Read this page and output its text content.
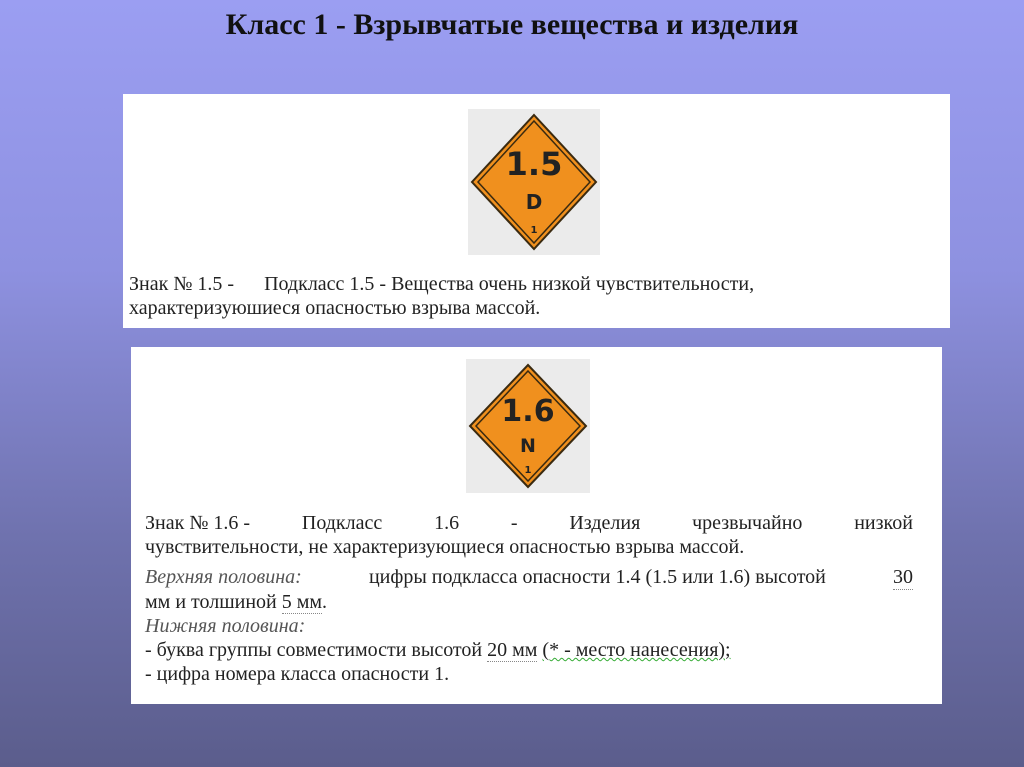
Класс 1 - Взрывчатые вещества и изделия
1.5
D
1
Знак № 1.5 - Подкласс 1.5 - Вещества очень низкой чувствительности,
характеризуюшиеся опасностью взрыва массой.
1.6
N
1
Знак № 1.6 -	Подкласс	1.6	-	Изделия	чрезвычайно	низкой
чувствительности, не характеризующиеся опасностью взрыва массой.
Верхняя половина:	цифры подкласса опасности 1.4 (1.5 или 1.6) высотой	30
мм и толшиной 5 мм.
Нижняя половина:
- буква группы совместимости высотой 20 мм (* - место нанесения);
- цифра номера класса опасности 1.
